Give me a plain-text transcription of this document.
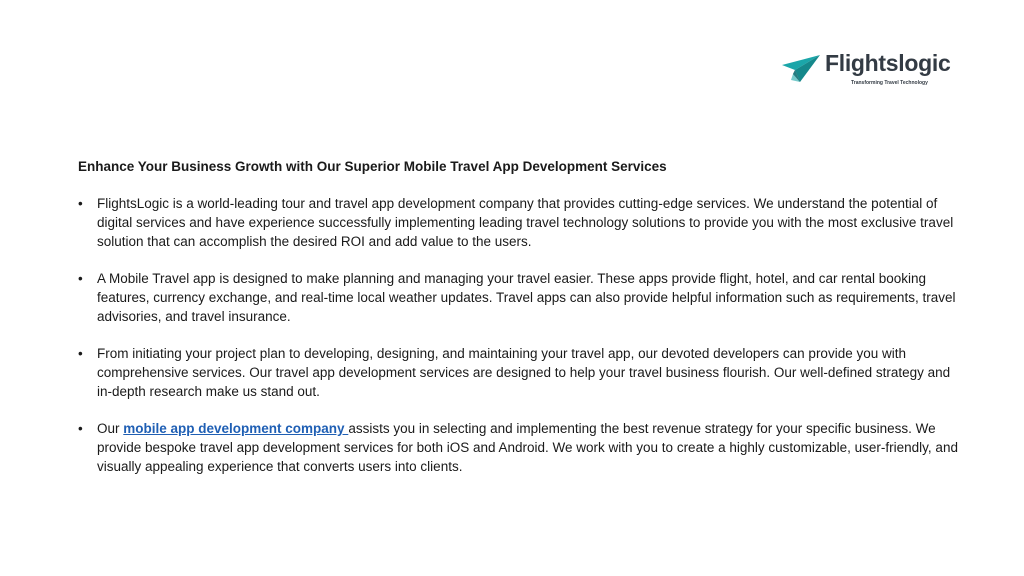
Flightslogic
Transforming Travel Technology
Enhance Your Business Growth with Our Superior Mobile Travel App Development Services
• FlightsLogic is a world-leading tour and travel app development company that provides cutting-edge services. We understand the potential of digital services and have experience successfully implementing leading travel technology solutions to provide you with the most exclusive travel solution that can accomplish the desired ROI and add value to the users.
• A Mobile Travel app is designed to make planning and managing your travel easier. These apps provide flight, hotel, and car rental booking features, currency exchange, and real-time local weather updates. Travel apps can also provide helpful information such as requirements, travel advisories, and travel insurance.
• From initiating your project plan to developing, designing, and maintaining your travel app, our devoted developers can provide you with comprehensive services. Our travel app development services are designed to help your travel business flourish. Our well-defined strategy and in-depth research make us stand out.
• Our mobile app development company assists you in selecting and implementing the best revenue strategy for your specific business. We provide bespoke travel app development services for both iOS and Android. We work with you to create a highly customizable, user-friendly, and visually appealing experience that converts users into clients.
